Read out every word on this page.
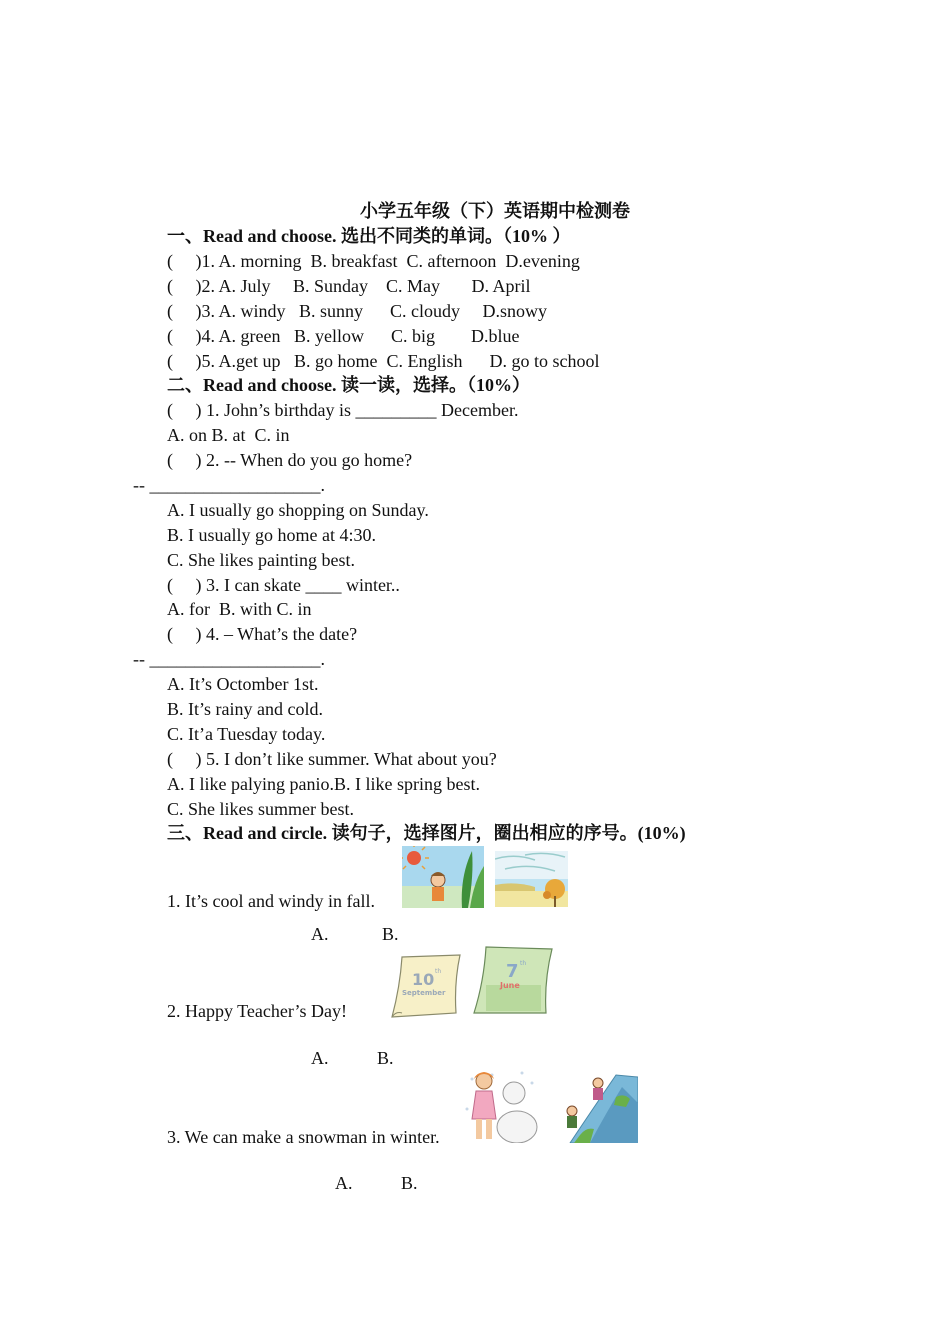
小学五年级（下）英语期中检测卷
一、Read and choose. 选出不同类的单词。（10% ）
(     )1. A. morning  B. breakfast  C. afternoon  D.evening
(     )2. A. July     B. Sunday    C. May       D. April
(     )3. A. windy   B. sunny      C. cloudy     D.snowy
(     )4. A. green   B. yellow      C. big        D.blue
(     )5. A.get up   B. go home  C. English      D. go to school
二、Read and choose. 读一读，选择。（10%）
(     ) 1. John’s birthday is _________ December.
A. on B. at  C. in
(     ) 2. -- When do you go home?
-- ___________________.
A. I usually go shopping on Sunday.
B. I usually go home at 4:30.
C. She likes painting best.
(     ) 3. I can skate ____ winter..
A. for  B. with C. in
(     ) 4. – What’s the date?
-- ___________________.
A. It’s Octomber 1st.
B. It’s rainy and cold.
C. It’a Tuesday today.
(     ) 5. I don’t like summer. What about you?
A. I like palying panio.B. I like spring best.
C. She likes summer best.
三、Read and circle. 读句子，选择图片，圈出相应的序号。(10%)
1. It’s cool and windy in fall.
A.	B.
2. Happy Teacher’s Day!
10 th
September
7 th
June
A.	B.
3. We can make a snowman in winter.
A.	B.
